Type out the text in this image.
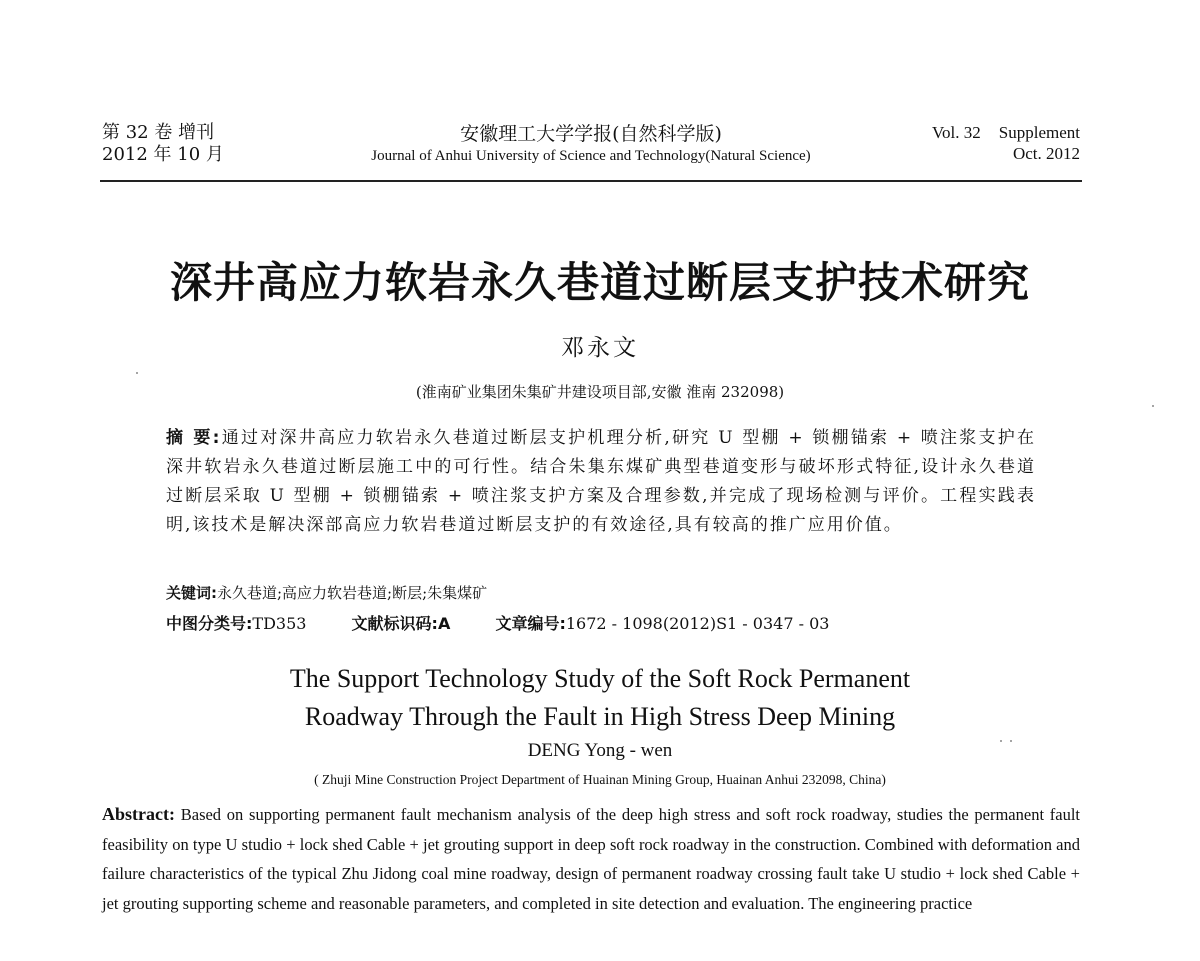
第 32 卷 增刊
2012 年 10 月
安徽理工大学学报(自然科学版)
Journal of Anhui University of Science and Technology(Natural Science)
Vol. 32 Supplement
Oct. 2012
深井高应力软岩永久巷道过断层支护技术研究
邓永文
(淮南矿业集团朱集矿井建设项目部,安徽 淮南 232098)
摘 要:通过对深井高应力软岩永久巷道过断层支护机理分析,研究 U 型棚 + 锁棚锚索 + 喷注浆支护在深井软岩永久巷道过断层施工中的可行性。结合朱集东煤矿典型巷道变形与破坏形式特征,设计永久巷道过断层采取 U 型棚 + 锁棚锚索 + 喷注浆支护方案及合理参数,并完成了现场检测与评价。工程实践表明,该技术是解决深部高应力软岩巷道过断层支护的有效途径,具有较高的推广应用价值。
关键词:永久巷道;高应力软岩巷道;断层;朱集煤矿
中图分类号:TD353	文献标识码:A	文章编号:1672 - 1098(2012)S1 - 0347 - 03
The Support Technology Study of the Soft Rock Permanent
Roadway Through the Fault in High Stress Deep Mining
DENG Yong - wen
( Zhuji Mine Construction Project Department of Huainan Mining Group, Huainan Anhui 232098, China)
Abstract: Based on supporting permanent fault mechanism analysis of the deep high stress and soft rock roadway, studies the permanent fault feasibility on type U studio + lock shed Cable + jet grouting support in deep soft rock roadway in the construction. Combined with deformation and failure characteristics of the typical Zhu Jidong coal mine roadway, design of permanent roadway crossing fault take U studio + lock shed Cable + jet grouting supporting scheme and reasonable parameters, and completed in site detection and evaluation. The engineering practice
